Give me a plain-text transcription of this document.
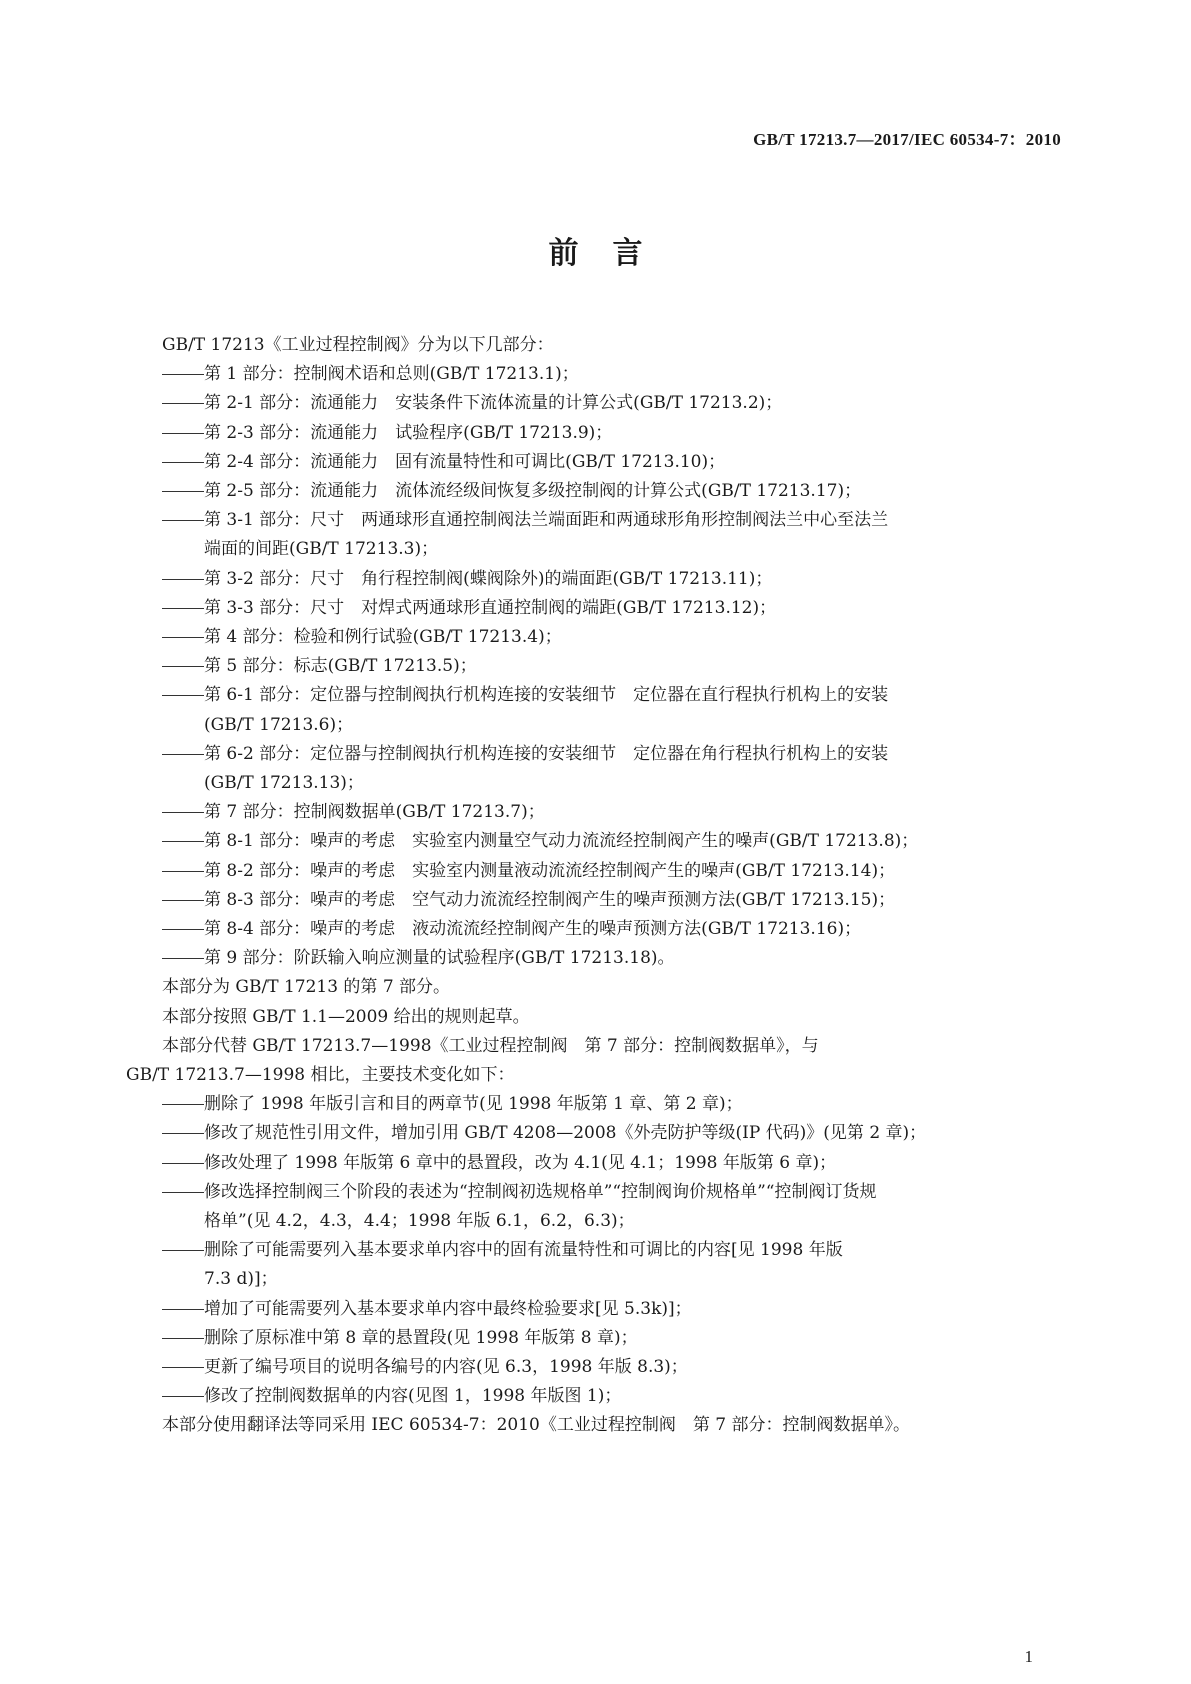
GB/T 17213.7—2017/IEC 60534-7：2010
前言
GB/T 17213《工业过程控制阀》分为以下几部分：
第 1 部分：控制阀术语和总则(GB/T 17213.1)；
第 2-1 部分：流通能力　安装条件下流体流量的计算公式(GB/T 17213.2)；
第 2-3 部分：流通能力　试验程序(GB/T 17213.9)；
第 2-4 部分：流通能力　固有流量特性和可调比(GB/T 17213.10)；
第 2-5 部分：流通能力　流体流经级间恢复多级控制阀的计算公式(GB/T 17213.17)；
第 3-1 部分：尺寸　两通球形直通控制阀法兰端面距和两通球形角形控制阀法兰中心至法兰
端面的间距(GB/T 17213.3)；
第 3-2 部分：尺寸　角行程控制阀(蝶阀除外)的端面距(GB/T 17213.11)；
第 3-3 部分：尺寸　对焊式两通球形直通控制阀的端距(GB/T 17213.12)；
第 4 部分：检验和例行试验(GB/T 17213.4)；
第 5 部分：标志(GB/T 17213.5)；
第 6-1 部分：定位器与控制阀执行机构连接的安装细节　定位器在直行程执行机构上的安装
(GB/T 17213.6)；
第 6-2 部分：定位器与控制阀执行机构连接的安装细节　定位器在角行程执行机构上的安装
(GB/T 17213.13)；
第 7 部分：控制阀数据单(GB/T 17213.7)；
第 8-1 部分：噪声的考虑　实验室内测量空气动力流流经控制阀产生的噪声(GB/T 17213.8)；
第 8-2 部分：噪声的考虑　实验室内测量液动流流经控制阀产生的噪声(GB/T 17213.14)；
第 8-3 部分：噪声的考虑　空气动力流流经控制阀产生的噪声预测方法(GB/T 17213.15)；
第 8-4 部分：噪声的考虑　液动流流经控制阀产生的噪声预测方法(GB/T 17213.16)；
第 9 部分：阶跃输入响应测量的试验程序(GB/T 17213.18)。
本部分为 GB/T 17213 的第 7 部分。
本部分按照 GB/T 1.1—2009 给出的规则起草。
本部分代替 GB/T 17213.7—1998《工业过程控制阀　第 7 部分：控制阀数据单》，与
GB/T 17213.7—1998 相比，主要技术变化如下：
删除了 1998 年版引言和目的两章节(见 1998 年版第 1 章、第 2 章)；
修改了规范性引用文件，增加引用 GB/T 4208—2008《外壳防护等级(IP 代码)》(见第 2 章)；
修改处理了 1998 年版第 6 章中的悬置段，改为 4.1(见 4.1；1998 年版第 6 章)；
修改选择控制阀三个阶段的表述为“控制阀初选规格单”“控制阀询价规格单”“控制阀订货规
格单”(见 4.2，4.3，4.4；1998 年版 6.1，6.2，6.3)；
删除了可能需要列入基本要求单内容中的固有流量特性和可调比的内容[见 1998 年版
7.3 d)]；
增加了可能需要列入基本要求单内容中最终检验要求[见 5.3k)]；
删除了原标准中第 8 章的悬置段(见 1998 年版第 8 章)；
更新了编号项目的说明各编号的内容(见 6.3，1998 年版 8.3)；
修改了控制阀数据单的内容(见图 1，1998 年版图 1)；
本部分使用翻译法等同采用 IEC 60534-7：2010《工业过程控制阀　第 7 部分：控制阀数据单》。
1
